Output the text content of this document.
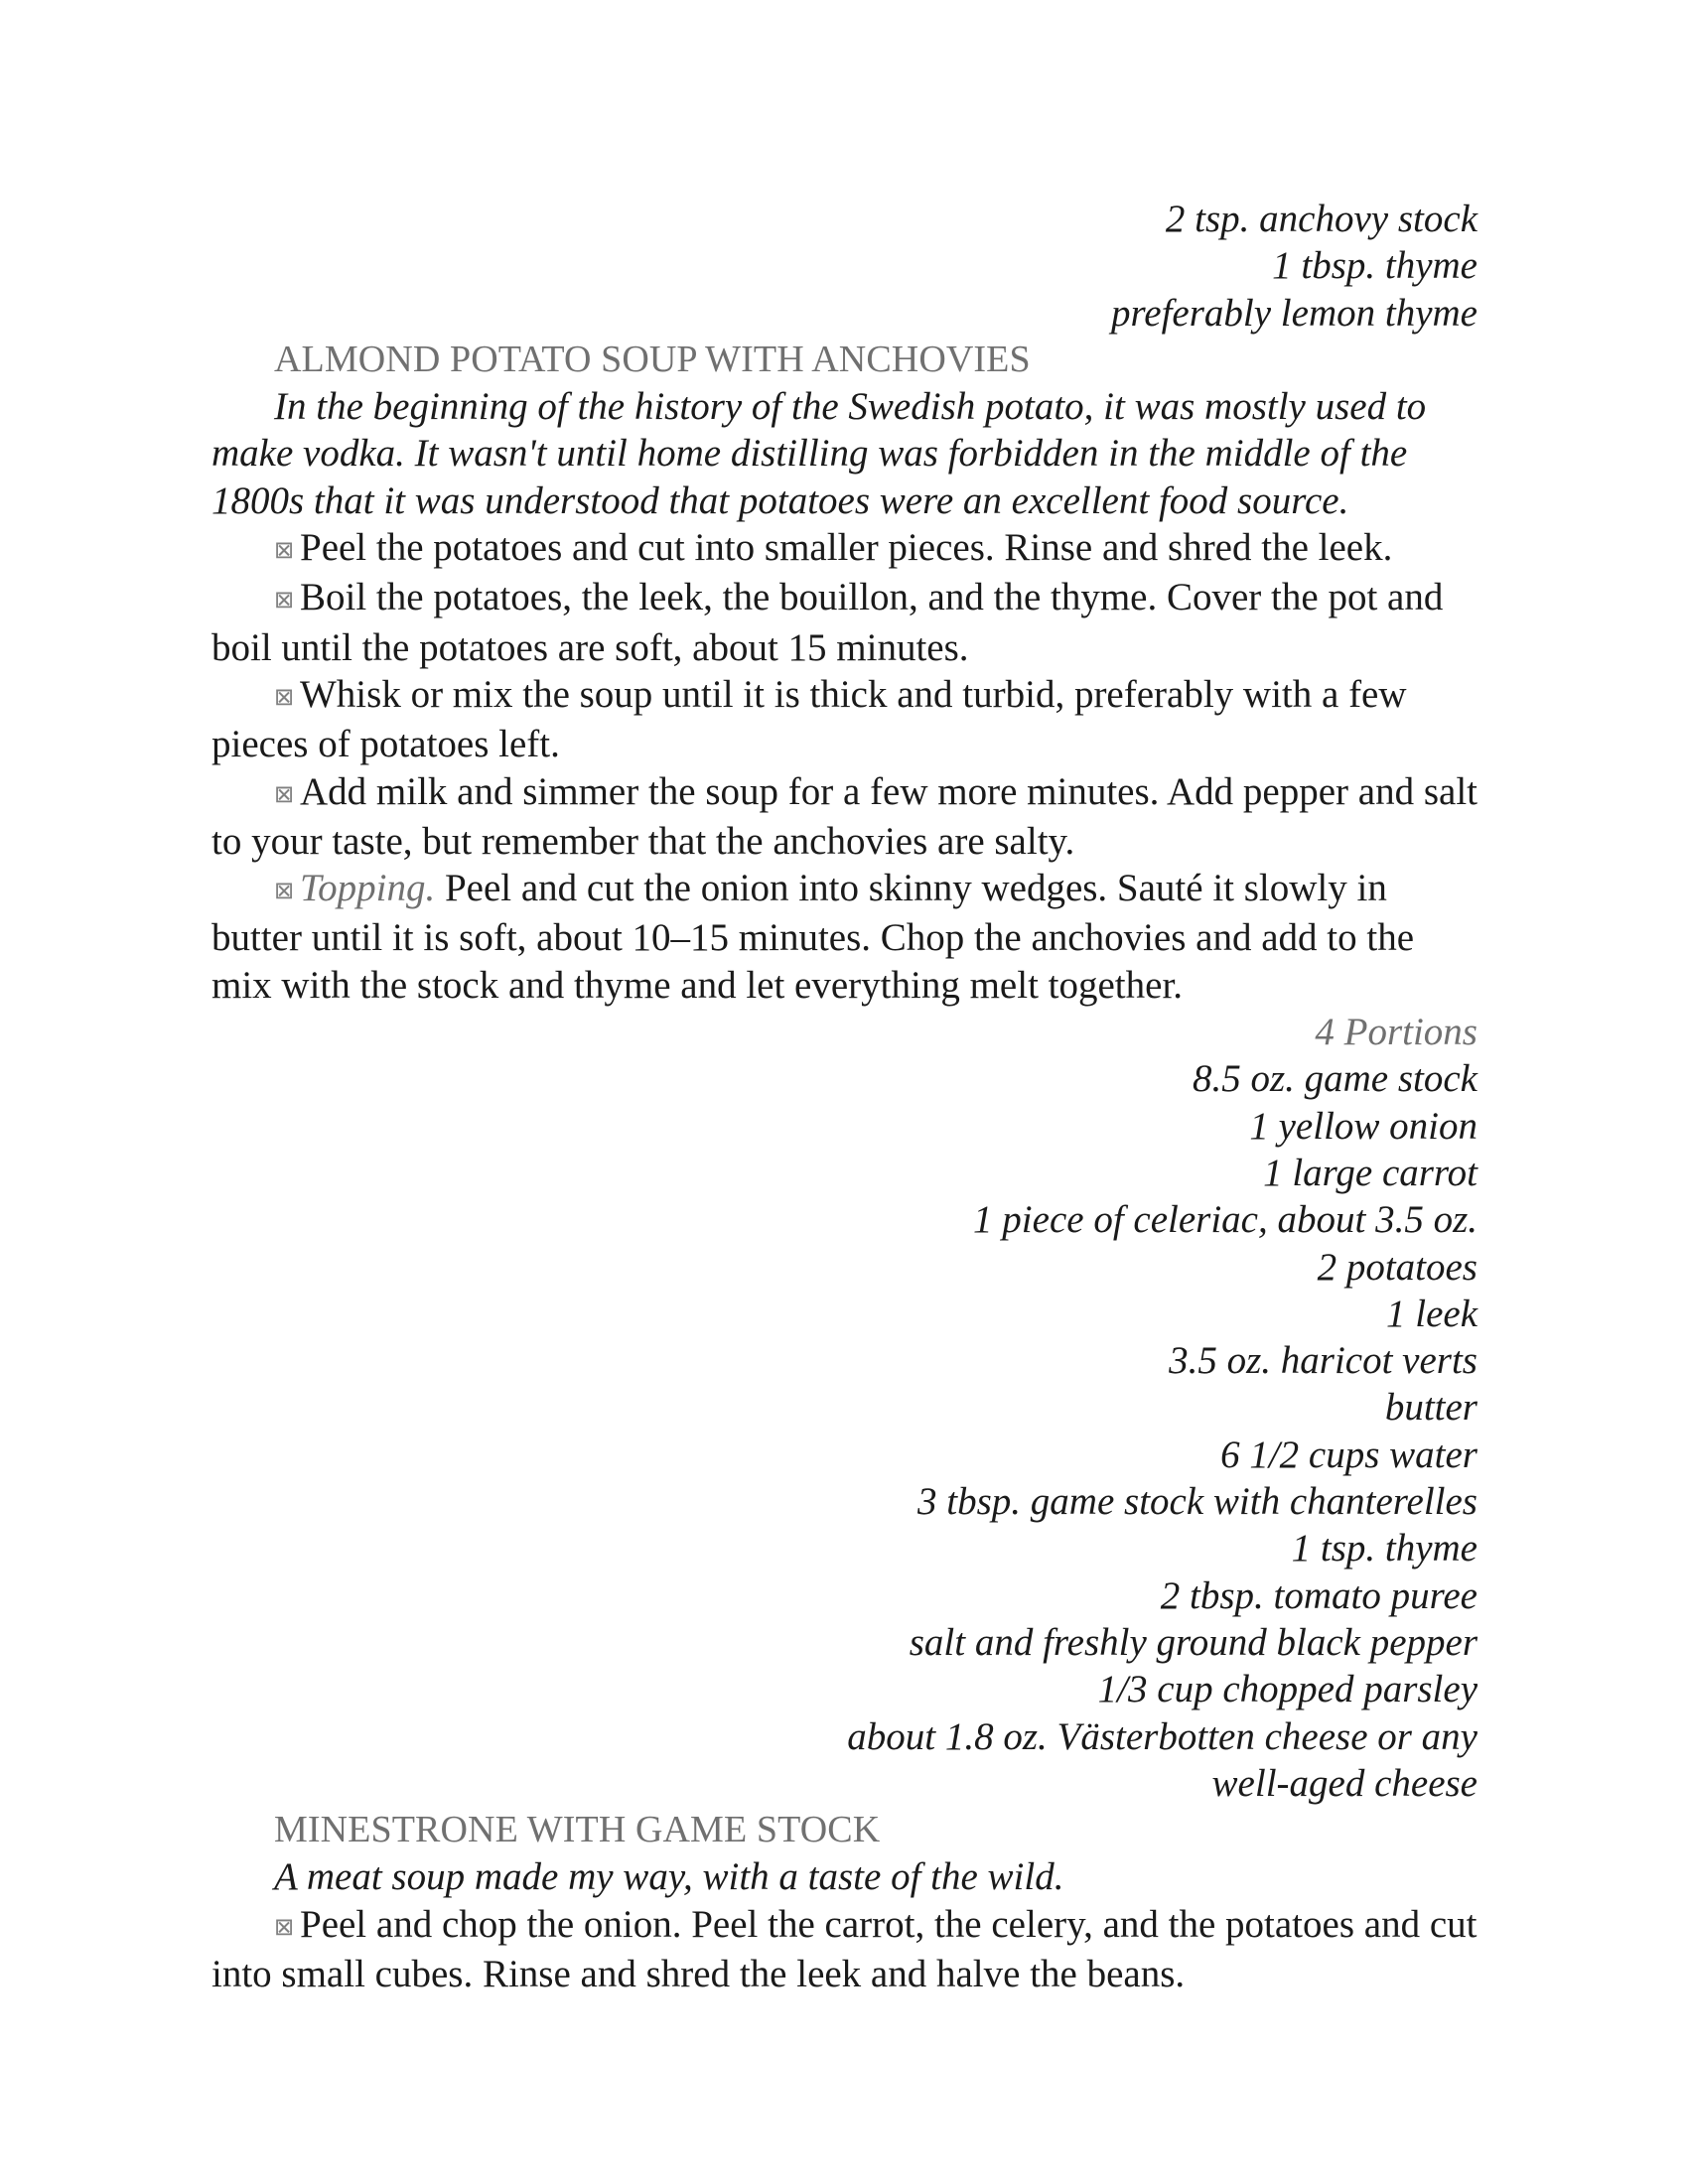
2 tsp. anchovy stock
1 tbsp. thyme
preferably lemon thyme
ALMOND POTATO SOUP WITH ANCHOVIES
In the beginning of the history of the Swedish potato, it was mostly used to make vodka. It wasn't until home distilling was forbidden in the middle of the 1800s that it was understood that potatoes were an excellent food source.
⊠ Peel the potatoes and cut into smaller pieces. Rinse and shred the leek.
⊠ Boil the potatoes, the leek, the bouillon, and the thyme. Cover the pot and boil until the potatoes are soft, about 15 minutes.
⊠ Whisk or mix the soup until it is thick and turbid, preferably with a few pieces of potatoes left.
⊠ Add milk and simmer the soup for a few more minutes. Add pepper and salt to your taste, but remember that the anchovies are salty.
⊠ Topping. Peel and cut the onion into skinny wedges. Sauté it slowly in butter until it is soft, about 10–15 minutes. Chop the anchovies and add to the mix with the stock and thyme and let everything melt together.
4 Portions
8.5 oz. game stock
1 yellow onion
1 large carrot
1 piece of celeriac, about 3.5 oz.
2 potatoes
1 leek
3.5 oz. haricot verts
butter
6 1/2 cups water
3 tbsp. game stock with chanterelles
1 tsp. thyme
2 tbsp. tomato puree
salt and freshly ground black pepper
1/3 cup chopped parsley
about 1.8 oz. Västerbotten cheese or any
well-aged cheese
MINESTRONE WITH GAME STOCK
A meat soup made my way, with a taste of the wild.
⊠ Peel and chop the onion. Peel the carrot, the celery, and the potatoes and cut into small cubes. Rinse and shred the leek and halve the beans.
